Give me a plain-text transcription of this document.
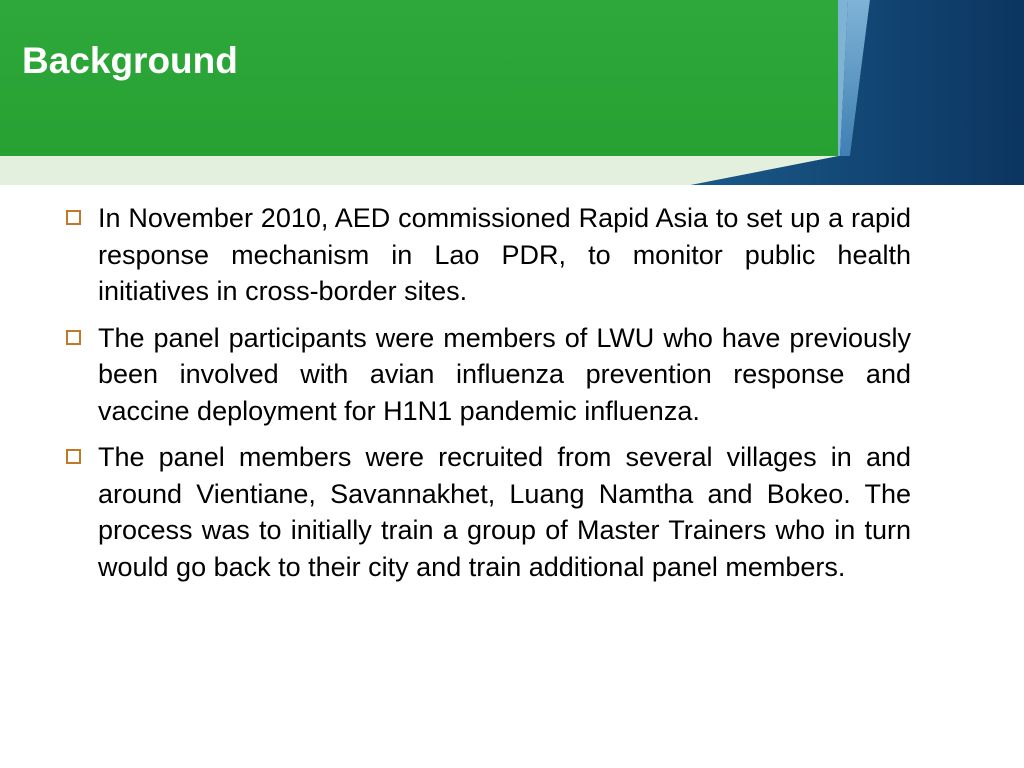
Background
In November 2010, AED commissioned Rapid Asia to set up a rapid response mechanism in Lao PDR, to monitor public health initiatives in cross-border sites.
The panel participants were members of LWU who have previously been involved with avian influenza prevention response and vaccine deployment for H1N1 pandemic influenza.
The panel members were recruited from several villages in and around Vientiane, Savannakhet, Luang Namtha and Bokeo. The process was to initially train a group of Master Trainers who in turn would go back to their city and train additional panel members.
